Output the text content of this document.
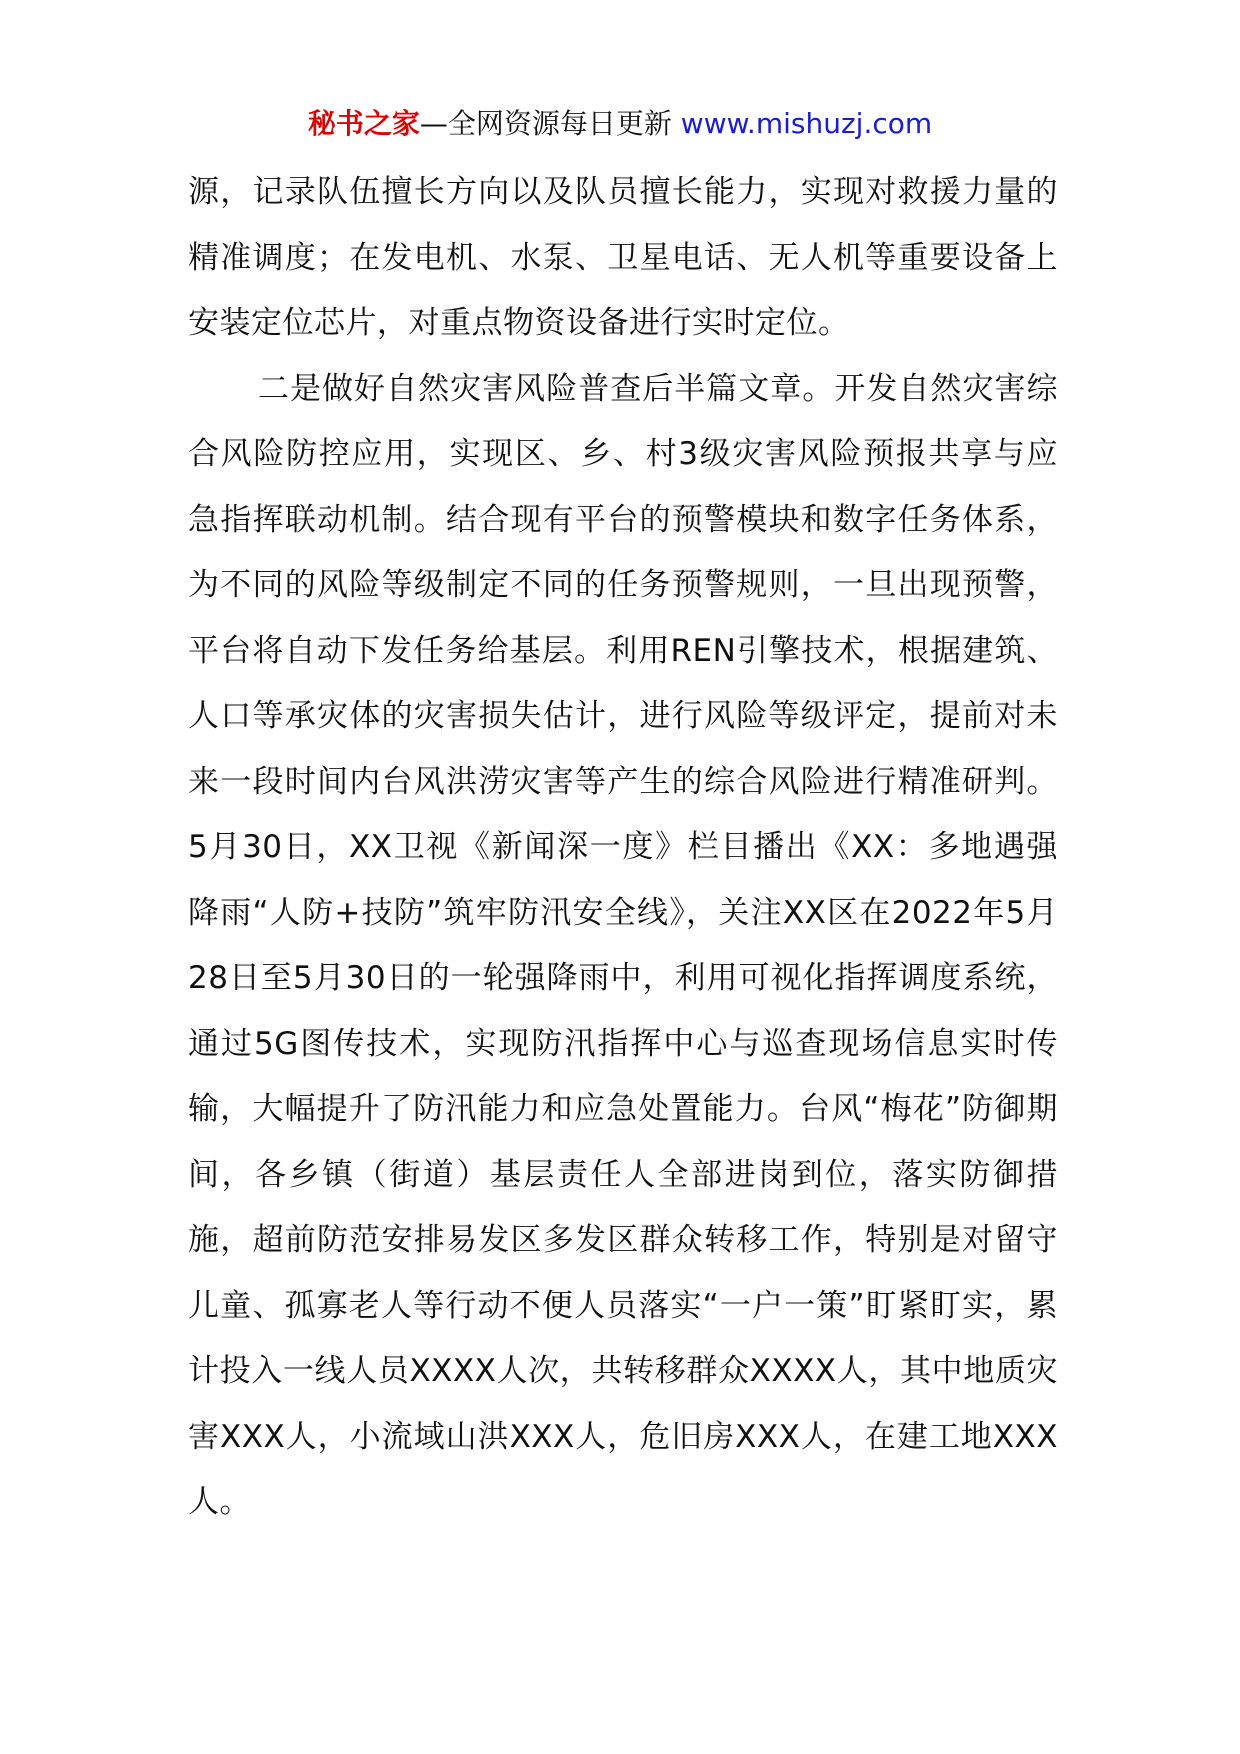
秘书之家—全网资源每日更新 www.mishuzj.com

源，记录队伍擅长方向以及队员擅长能力，实现对救援力量的精准调度；在发电机、水泵、卫星电话、无人机等重要设备上安装定位芯片，对重点物资设备进行实时定位。

二是做好自然灾害风险普查后半篇文章。开发自然灾害综合风险防控应用，实现区、乡、村3级灾害风险预报共享与应急指挥联动机制。结合现有平台的预警模块和数字任务体系，为不同的风险等级制定不同的任务预警规则，一旦出现预警，平台将自动下发任务给基层。利用REN引擎技术，根据建筑、人口等承灾体的灾害损失估计，进行风险等级评定，提前对未来一段时间内台风洪涝灾害等产生的综合风险进行精准研判。5月30日，XX卫视《新闻深一度》栏目播出《XX：多地遇强降雨“人防+技防”筑牢防汛安全线》，关注XX区在2022年5月28日至5月30日的一轮强降雨中，利用可视化指挥调度系统，通过5G图传技术，实现防汛指挥中心与巡查现场信息实时传输，大幅提升了防汛能力和应急处置能力。台风“梅花”防御期间，各乡镇（街道）基层责任人全部进岗到位，落实防御措施，超前防范安排易发区多发区群众转移工作，特别是对留守儿童、孤寡老人等行动不便人员落实“一户一策”盯紧盯实，累计投入一线人员XXXX人次，共转移群众XXXX人，其中地质灾害XXX人，小流域山洪XXX人，危旧房XXX人，在建工地XXX人。
